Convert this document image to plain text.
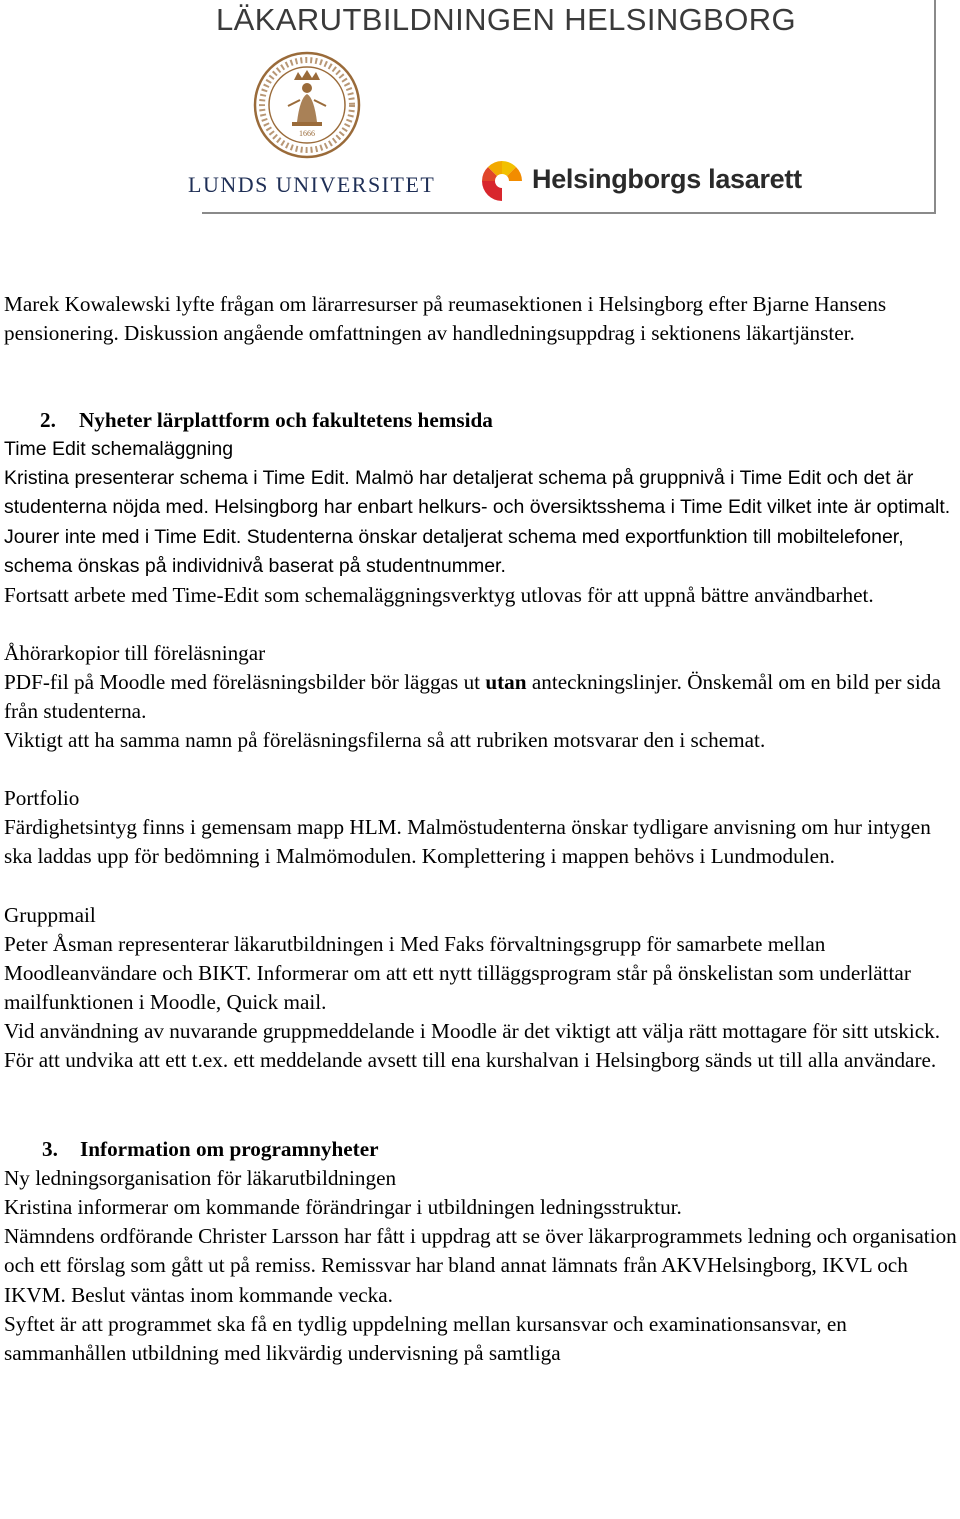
LÄKARUTBILDNINGEN HELSINGBORG
1666
LUNDS UNIVERSITET	Helsingborgs lasarett

Marek Kowalewski lyfte frågan om lärarresurser på reumasektionen i Helsingborg efter Bjarne Hansens pensionering. Diskussion angående omfattningen av handledningsuppdrag i sektionens läkartjänster.

2. Nyheter lärplattform och fakultetens hemsida

Time Edit schemaläggning

Kristina presenterar schema i Time Edit. Malmö har detaljerat schema på gruppnivå i Time Edit och det är studenterna nöjda med. Helsingborg har enbart helkurs- och översiktsshema i Time Edit vilket inte är optimalt. Jourer inte med i Time Edit. Studenterna önskar detaljerat schema med exportfunktion till mobiltelefoner, schema önskas på individnivå baserat på studentnummer.

Fortsatt arbete med Time-Edit som schemaläggningsverktyg utlovas för att uppnå bättre användbarhet.

Åhörarkopior till föreläsningar

PDF-fil på Moodle med föreläsningsbilder bör läggas ut utan anteckningslinjer. Önskemål om en bild per sida från studenterna.

Viktigt att ha samma namn på föreläsningsfilerna så att rubriken motsvarar den i schemat.

Portfolio

Färdighetsintyg finns i gemensam mapp HLM. Malmöstudenterna önskar tydligare anvisning om hur intygen ska laddas upp för bedömning i Malmömodulen. Komplettering i mappen behövs i Lundmodulen.

Gruppmail

Peter Åsman representerar läkarutbildningen i Med Faks förvaltningsgrupp för samarbete mellan Moodleanvändare och BIKT. Informerar om att ett nytt tilläggsprogram står på önskelistan som underlättar mailfunktionen i Moodle, Quick mail.

Vid användning av nuvarande gruppmeddelande i Moodle är det viktigt att välja rätt mottagare för sitt utskick. För att undvika att ett t.ex. ett meddelande avsett till ena kurshalvan i Helsingborg sänds ut till alla användare.

3. Information om programnyheter

Ny ledningsorganisation för läkarutbildningen

Kristina informerar om kommande förändringar i utbildningen ledningsstruktur.

Nämndens ordförande Christer Larsson har fått i uppdrag att se över läkarprogrammets ledning och organisation och ett förslag som gått ut på remiss. Remissvar har bland annat lämnats från AKVHelsingborg, IKVL och IKVM. Beslut väntas inom kommande vecka.

Syftet är att programmet ska få en tydlig uppdelning mellan kursansvar och examinationsansvar, en sammanhållen utbildning med likvärdig undervisning på samtliga
